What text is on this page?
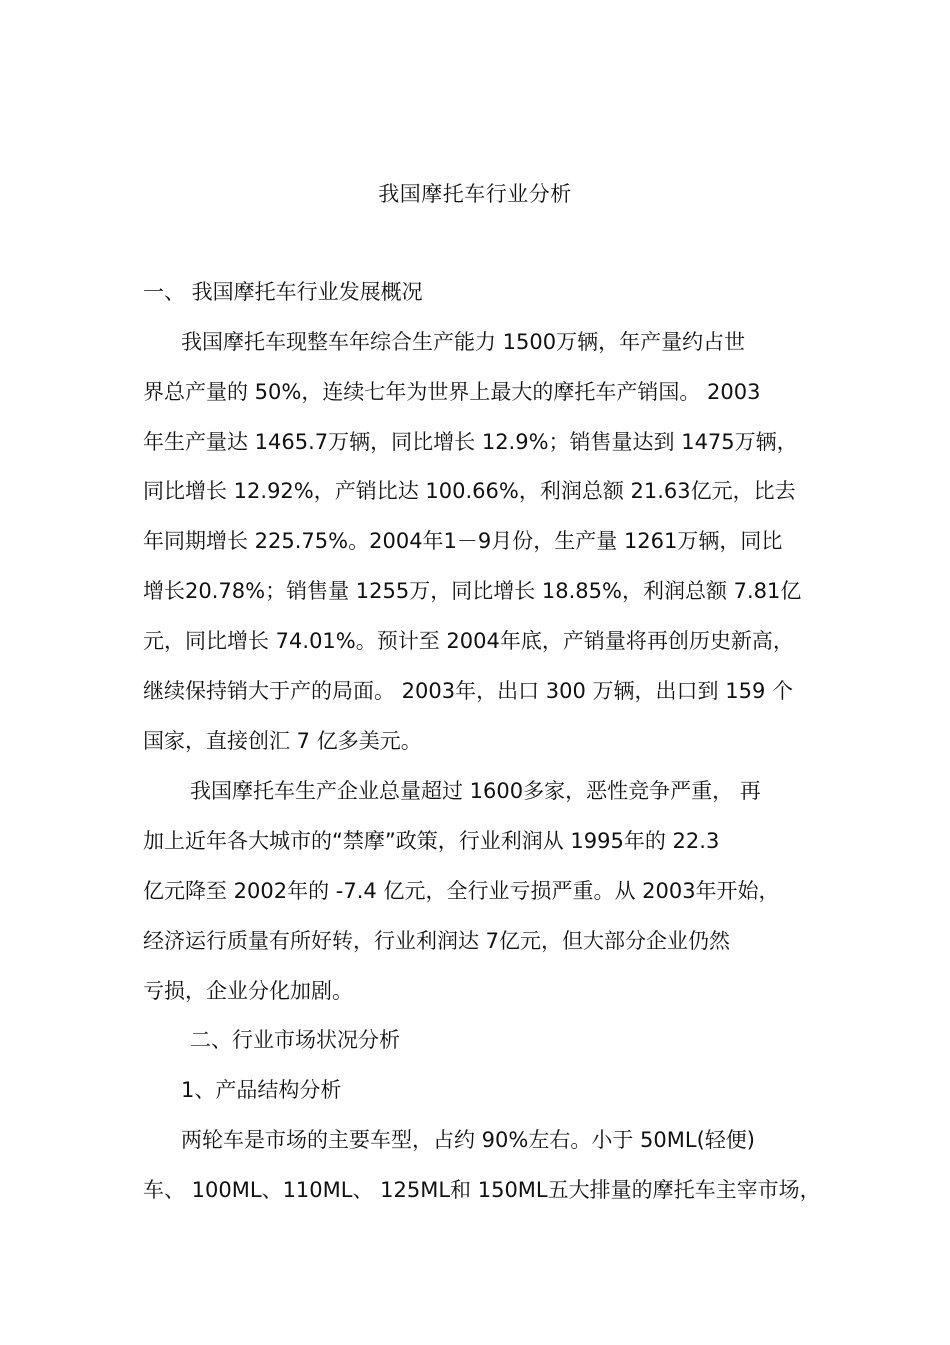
我国摩托车行业分析
一、 我国摩托车行业发展概况
我国摩托车现整车年综合生产能力 1500万辆，年产量约占世
界总产量的 50%，连续七年为世界上最大的摩托车产销国。 2003
年生产量达 1465.7万辆，同比增长 12.9%；销售量达到 1475万辆，
同比增长 12.92%，产销比达 100.66%，利润总额 21.63亿元，比去
年同期增长 225.75%。2004年1－9月份，生产量 1261万辆，同比
增长20.78%；销售量 1255万，同比增长 18.85%，利润总额 7.81亿
元，同比增长 74.01%。预计至 2004年底，产销量将再创历史新高，
继续保持销大于产的局面。 2003年，出口 300 万辆，出口到 159 个
国家，直接创汇 7 亿多美元。
我国摩托车生产企业总量超过 1600多家，恶性竞争严重， 再
加上近年各大城市的“禁摩”政策，行业利润从 1995年的 22.3
亿元降至 2002年的 -7.4 亿元，全行业亏损严重。从 2003年开始，
经济运行质量有所好转，行业利润达 7亿元，但大部分企业仍然
亏损，企业分化加剧。
二、行业市场状况分析
1、产品结构分析
两轮车是市场的主要车型，占约 90%左右。小于 50ML(轻便)
车、 100ML、110ML、 125ML和 150ML五大排量的摩托车主宰市场，
